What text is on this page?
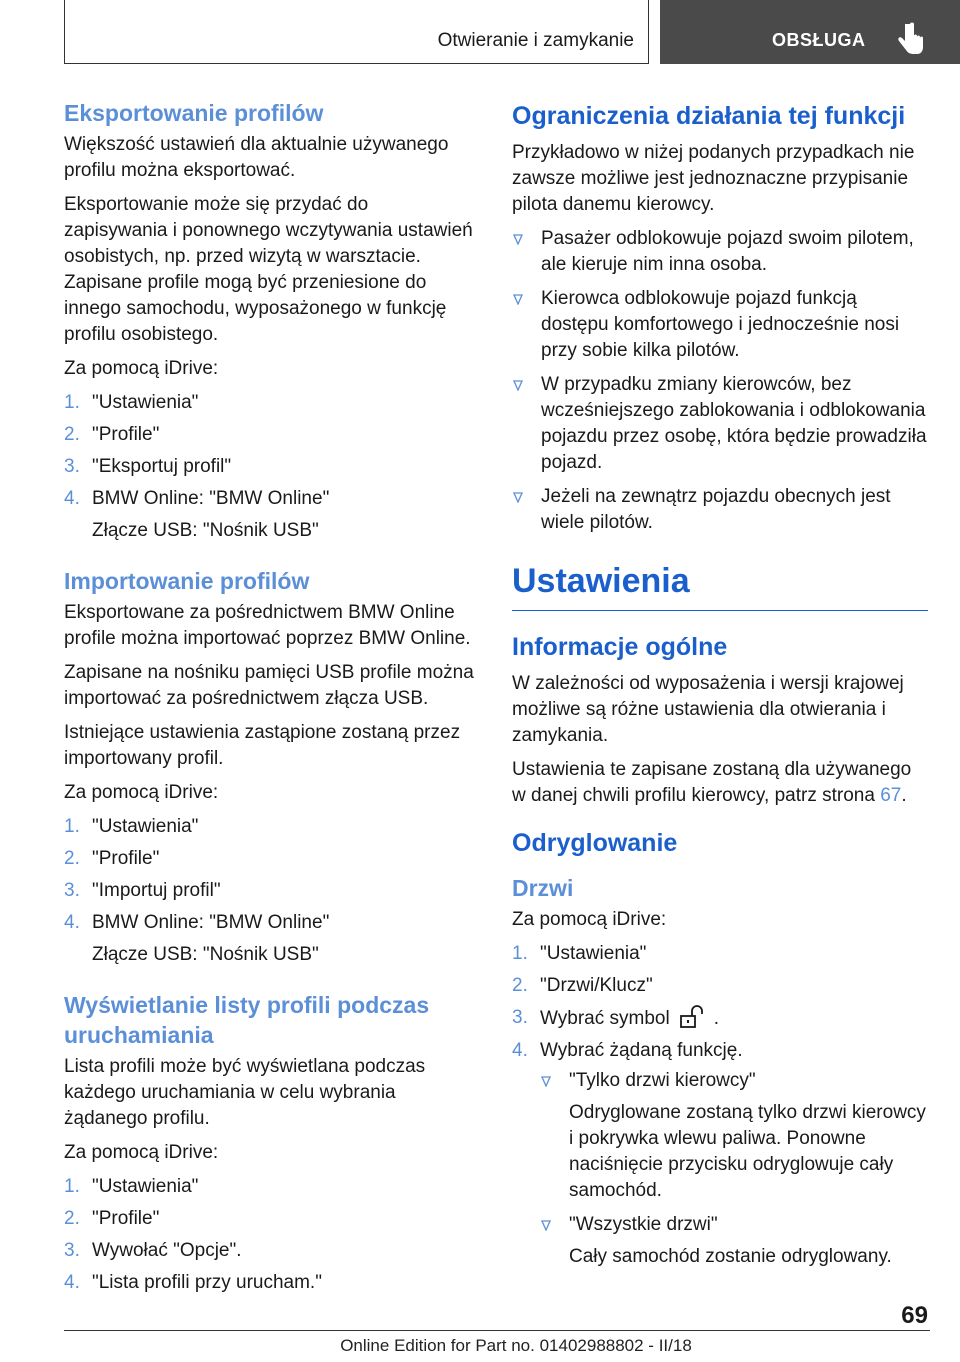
Otwieranie i zamykanie	OBSŁUGA
Eksportowanie profilów

Większość ustawień dla aktualnie używanego profilu można eksportować.

Eksportowanie może się przydać do zapisywania i ponownego wczytywania ustawień osobistych, np. przed wizytą w warsztacie. Zapisane profile mogą być przeniesione do innego samochodu, wyposażonego w funkcję profilu osobistego.

Za pomocą iDrive:

1. "Ustawienia"
2. "Profile"
3. "Eksportuj profil"
4. BMW Online: "BMW Online"
Złącze USB: "Nośnik USB"
Importowanie profilów

Eksportowane za pośrednictwem BMW Online profile można importować poprzez BMW Online.

Zapisane na nośniku pamięci USB profile można importować za pośrednictwem złącza USB.

Istniejące ustawienia zastąpione zostaną przez importowany profil.

Za pomocą iDrive:

1. "Ustawienia"
2. "Profile"
3. "Importuj profil"
4. BMW Online: "BMW Online"
Złącze USB: "Nośnik USB"
Wyświetlanie listy profili podczas uruchamiania

Lista profili może być wyświetlana podczas każdego uruchamiania w celu wybrania żądanego profilu.

Za pomocą iDrive:

1. "Ustawienia"
2. "Profile"
3. Wywołać "Opcje".
4. "Lista profili przy urucham."
Ograniczenia działania tej funkcji

Przykładowo w niżej podanych przypadkach nie zawsze możliwe jest jednoznaczne przypisanie pilota danemu kierowcy.

Pasażer odblokowuje pojazd swoim pilotem, ale kieruje nim inna osoba.
Kierowca odblokowuje pojazd funkcją dostępu komfortowego i jednocześnie nosi przy sobie kilka pilotów.
W przypadku zmiany kierowców, bez wcześniejszego zablokowania i odblokowania pojazdu przez osobę, która będzie prowadziła pojazd.
Jeżeli na zewnątrz pojazdu obecnych jest wiele pilotów.
Ustawienia
Informacje ogólne

W zależności od wyposażenia i wersji krajowej możliwe są różne ustawienia dla otwierania i zamykania.

Ustawienia te zapisane zostaną dla używanego w danej chwili profilu kierowcy, patrz strona 67.

Odryglowanie
Drzwi

Za pomocą iDrive:

1. "Ustawienia"
2. "Drzwi/Klucz"
3. Wybrać symbol .
4. Wybrać żądaną funkcję.
"Tylko drzwi kierowcy"
Odryglowane zostaną tylko drzwi kierowcy i pokrywka wlewu paliwa. Ponowne naciśnięcie przycisku odryglowuje cały samochód.
"Wszystkie drzwi"
Cały samochód zostanie odryglowany.
69
Online Edition for Part no. 01402988802 - II/18
